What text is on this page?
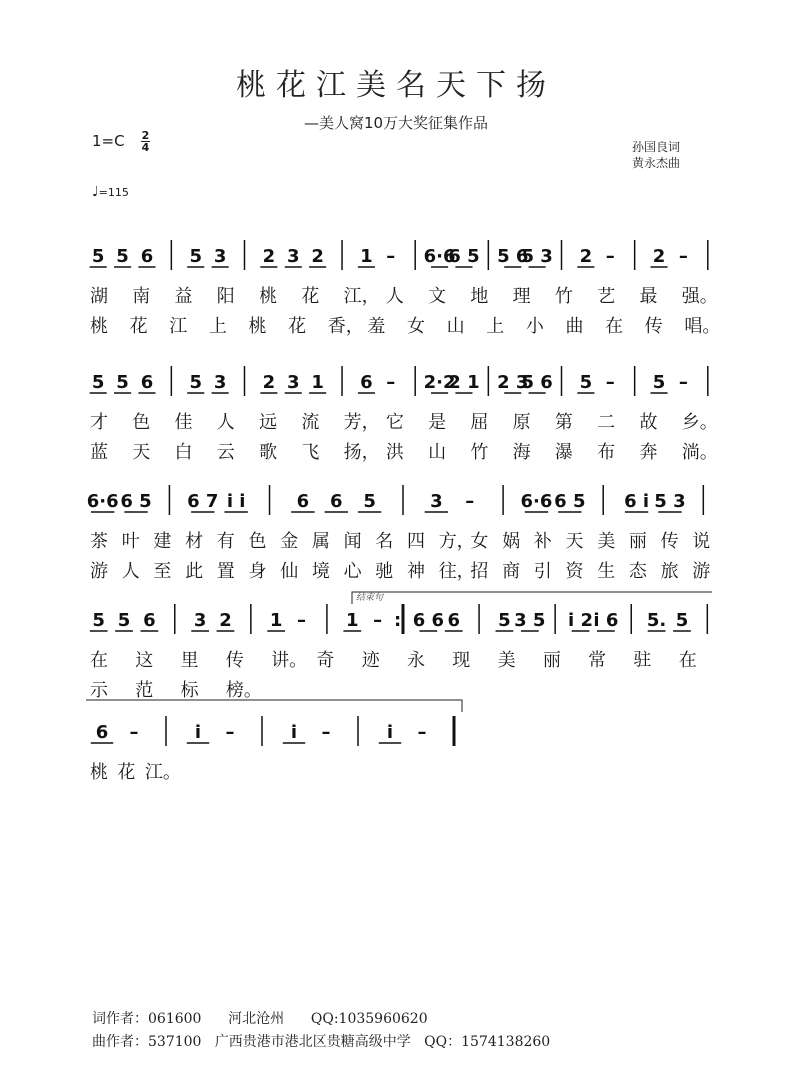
桃花江美名天下扬
—美人窝10万大奖征集作品
1=C 2
4	孙国良词
黄永杰曲
♩=115
5 5 6 5 3 2 3 2 1 – 6·6
6 5 5 6
5 3 2 – 2 –
湖 南 益 阳 桃 花 江， 人 文 地 理 竹 艺 最 强。
桃 花 江 上 桃 花 香， 羞 女 山 上 小 曲 在 传 唱。
5 5 6 5 3 2 3 1 6 – 2·2
2 1 2 3
5 6 5 – 5 –
才 色 佳 人 远 流 芳， 它 是 屈 原 第 二 故 乡。
蓝 天 白 云 歌 飞 扬， 洪 山 竹 海 瀑 布 奔 淌。
6·6 6 5 6 7 i i	6 6 5	3 –	6·6 6 5 6 i 5 3
茶 叶 建 材 有 色 金 属 闻 名 四 方，
女 娲 补 天 美 丽 传 说
游 人 至 此 置 身 仙 境 心 驰 神 往，
招 商 引 资 生 态 旅 游
5 5 6 3 2 1 – 1 – : 6 6 6 5 3 5 i 2 i 6 5. 5
在 这 里 传 讲。 奇 迹 永 现 美 丽 常 驻 在
示 范 标 榜。
6 –	i –	i –	i –
桃 花 江。
结束句
词作者：061600 河北沧州 QQ:1035960620
曲作者：537100 广西贵港市港北区贵糖高级中学 QQ：1574138260
